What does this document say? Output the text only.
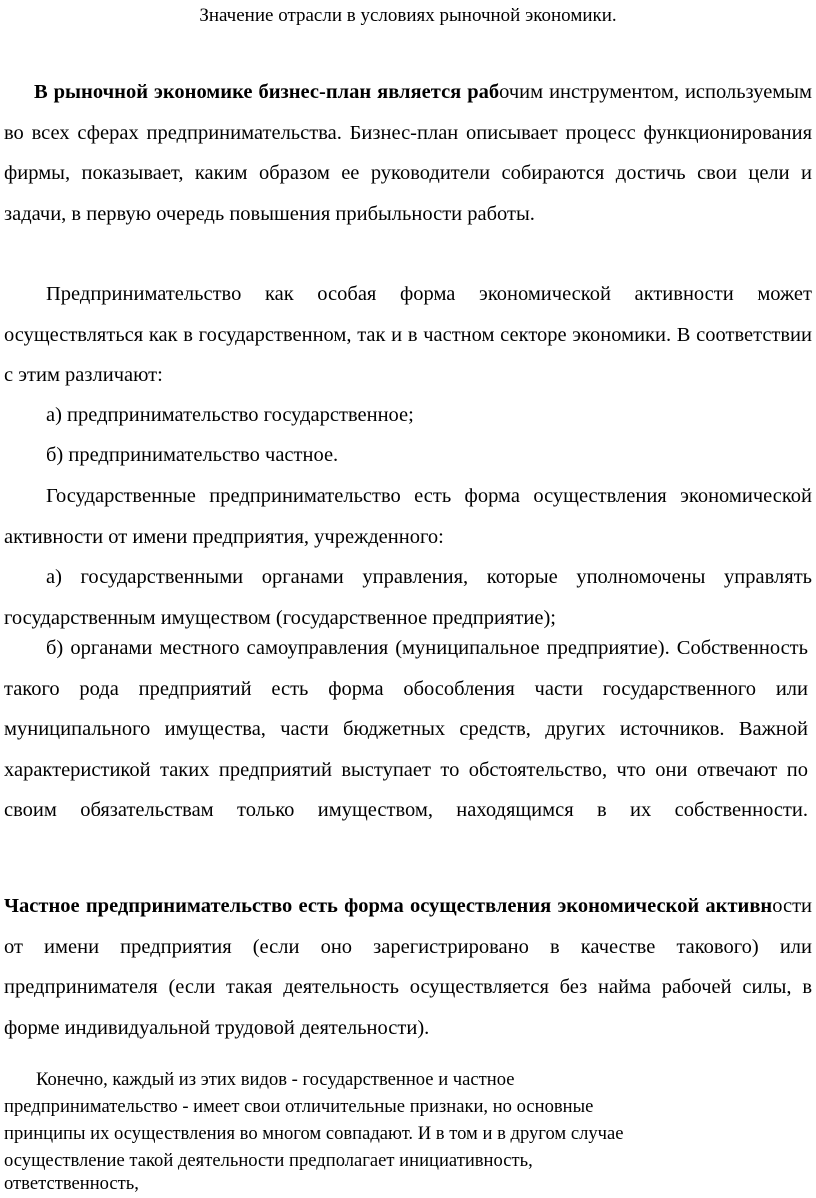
Значение отрасли в условиях рыночной экономики.

В рыночной экономике бизнес-план является рабочим инструментом, используемым во всех сферах предпринимательства. Бизнес-план описывает процесс функционирования фирмы, показывает, каким образом ее руководители собираются достичь свои цели и задачи, в первую очередь повышения прибыльности работы.

Предпринимательство как особая форма экономической активности может осуществляться как в государственном, так и в частном секторе экономики. В соответствии с этим различают:

а) предпринимательство государственное;

б) предпринимательство частное.

Государственные предпринимательство есть форма осуществления экономической активности от имени предприятия, учрежденного:

а) государственными органами управления, которые уполномочены управлять государственным имуществом (государственное предприятие);

б) органами местного самоуправления (муниципальное предприятие). Собственность такого рода предприятий есть форма обособления части государственного или муниципального имущества, части бюджетных средств, других источников. Важной характеристикой таких предприятий выступает то обстоятельство, что они отвечают по своим обязательствам только имуществом, находящимся в их собственности.

Частное предпринимательство есть форма осуществления экономической активности от имени предприятия (если оно зарегистрировано в качестве такового) или предпринимателя (если такая деятельность осуществляется без найма рабочей силы, в форме индивидуальной трудовой деятельности).

Конечно, каждый из этих видов - государственное и частное

предпринимательство - имеет свои отличительные признаки, но основные

принципы их осуществления во многом совпадают. И в том и в другом случае

осуществление такой деятельности предполагает инициативность,

ответственность,
